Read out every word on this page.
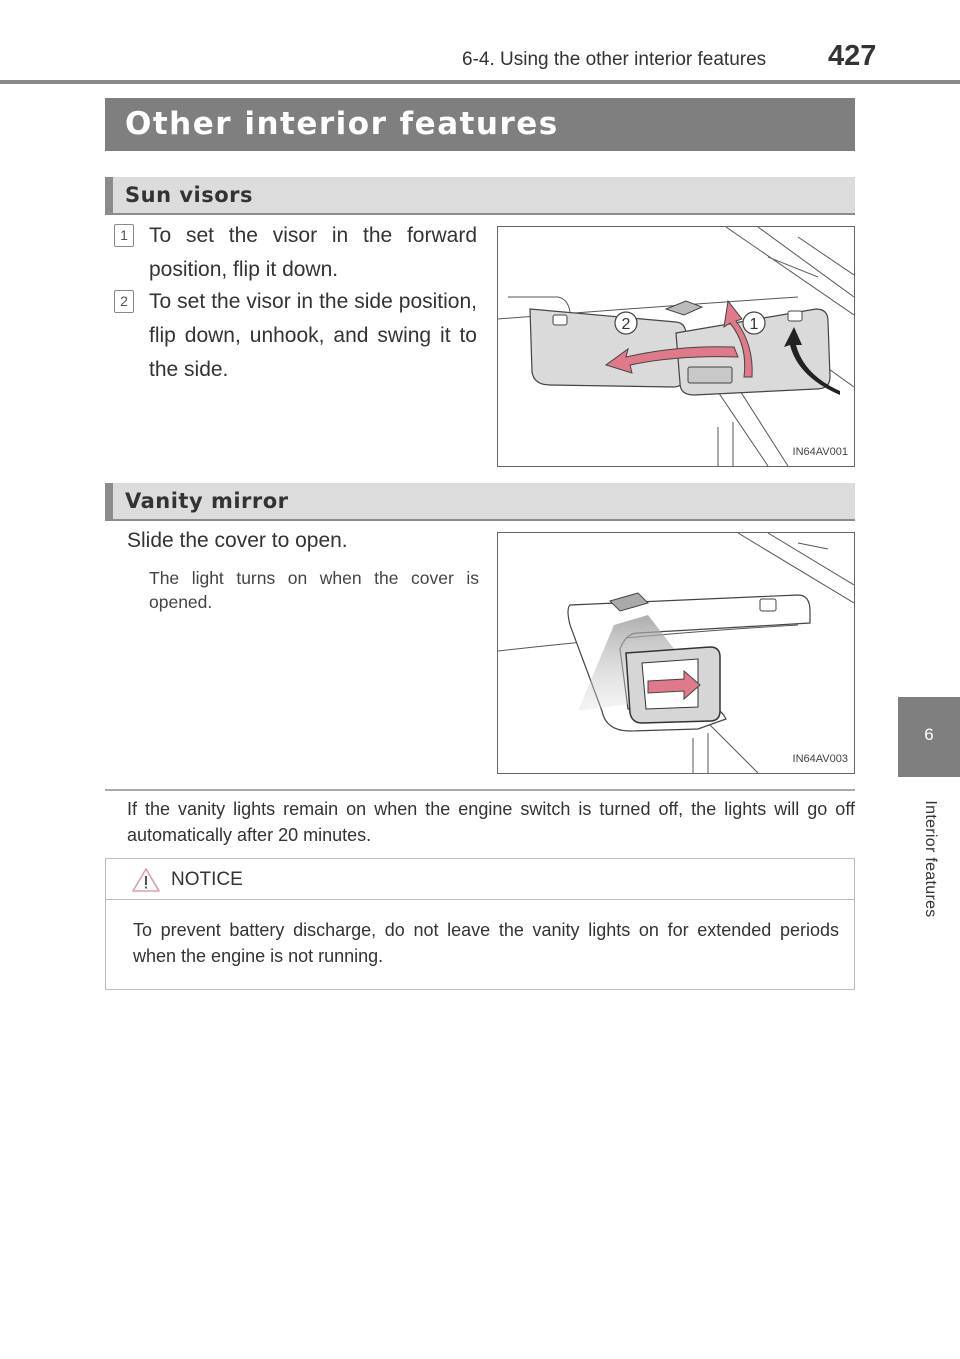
6-4. Using the other interior features 427
Other interior features
Sun visors
1 To set the visor in the forward position, flip it down.
2 To set the visor in the side position, flip down, unhook, and swing it to the side.
2	1
IN64AV001
Vanity mirror
Slide the cover to open.
The light turns on when the cover is opened.
IN64AV003
If the vanity lights remain on when the engine switch is turned off, the lights will go off automatically after 20 minutes.
NOTICE
To prevent battery discharge, do not leave the vanity lights on for extended periods when the engine is not running.
6
Interior features
